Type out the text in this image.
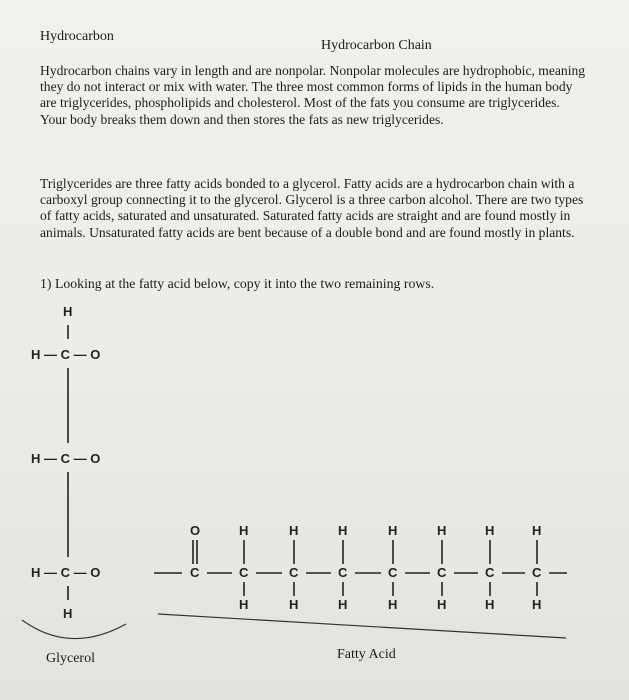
Hydrocarbon
Hydrocarbon Chain

Hydrocarbon chains vary in length and are nonpolar. Nonpolar molecules are hydrophobic, meaning they do not interact or mix with water. The three most common forms of lipids in the human body are triglycerides, phospholipids and cholesterol. Most of the fats you consume are triglycerides. Your body breaks them down and then stores the fats as new triglycerides.

Triglycerides are three fatty acids bonded to a glycerol. Fatty acids are a hydrocarbon chain with a carboxyl group connecting it to the glycerol. Glycerol is a three carbon alcohol. There are two types of fatty acids, saturated and unsaturated. Saturated fatty acids are straight and are found mostly in animals. Unsaturated fatty acids are bent because of a double bond and are found mostly in plants.

1) Looking at the fatty acid below, copy it into the two remaining rows.
H
H — C — O
H — C — O
H — C — O
H
C
O
C
H
H
C
H
H
C
H
H
C
H
H
C
H
H
C
H
H
C
H
H
Glycerol	Fatty Acid
